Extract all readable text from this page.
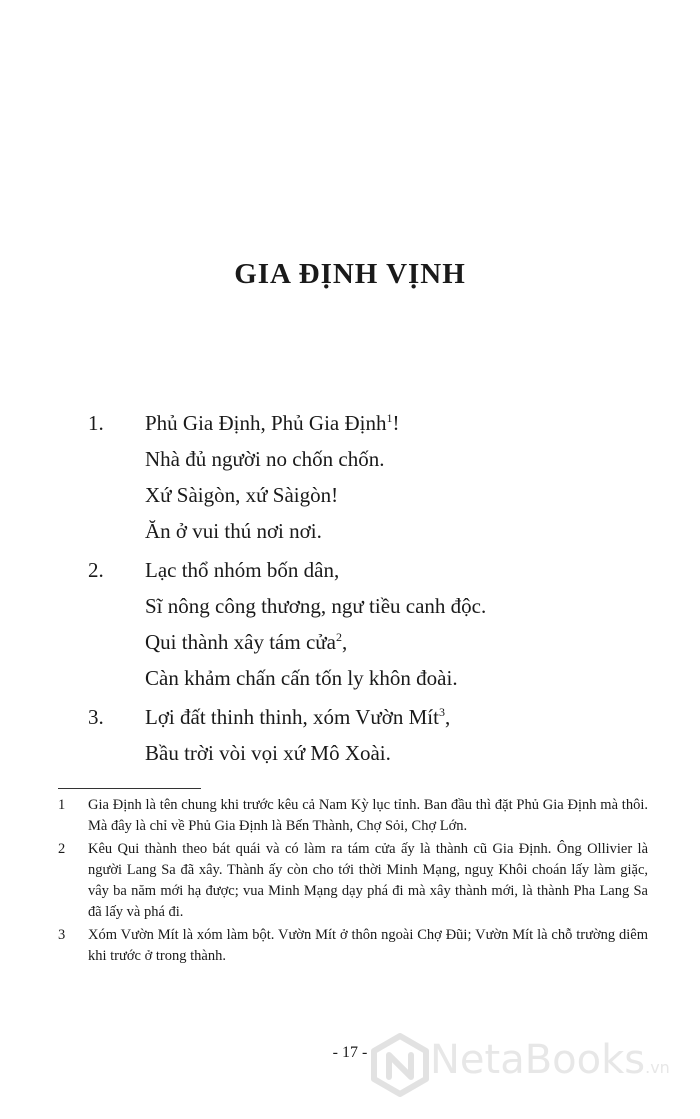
GIA ĐỊNH VỊNH
1. Phủ Gia Định, Phủ Gia Định$^1$!
Nhà đủ người no chốn chốn.
Xứ Sàigòn, xứ Sàigòn!
Ăn ở vui thú nơi nơi.
2. Lạc thổ nhóm bốn dân,
Sĩ nông công thương, ngư tiều canh độc.
Qui thành xây tám cửa$^2$,
Càn khảm chấn cấn tốn ly khôn đoài.
3. Lợi đất thinh thinh, xóm Vườn Mít$^3$,
Bầu trời vòi vọi xứ Mô Xoài.
1 Gia Định là tên chung khi trước kêu cả Nam Kỳ lục tỉnh. Ban đầu thì đặt Phủ Gia Định mà thôi. Mà đây là chỉ về Phủ Gia Định là Bến Thành, Chợ Sỏi, Chợ Lớn.
2 Kêu Qui thành theo bát quái và có làm ra tám cửa ấy là thành cũ Gia Định. Ông Ollivier là người Lang Sa đã xây. Thành ấy còn cho tới thời Minh Mạng, nguỵ Khôi choán lấy làm giặc, vây ba năm mới hạ được; vua Minh Mạng dạy phá đi mà xây thành mới, là thành Pha Lang Sa đã lấy và phá đi.
3 Xóm Vườn Mít là xóm làm bột. Vườn Mít ở thôn ngoài Chợ Đũi; Vườn Mít là chỗ trường diêm khi trước ở trong thành.
- 17 -	NetaBooks.vn
